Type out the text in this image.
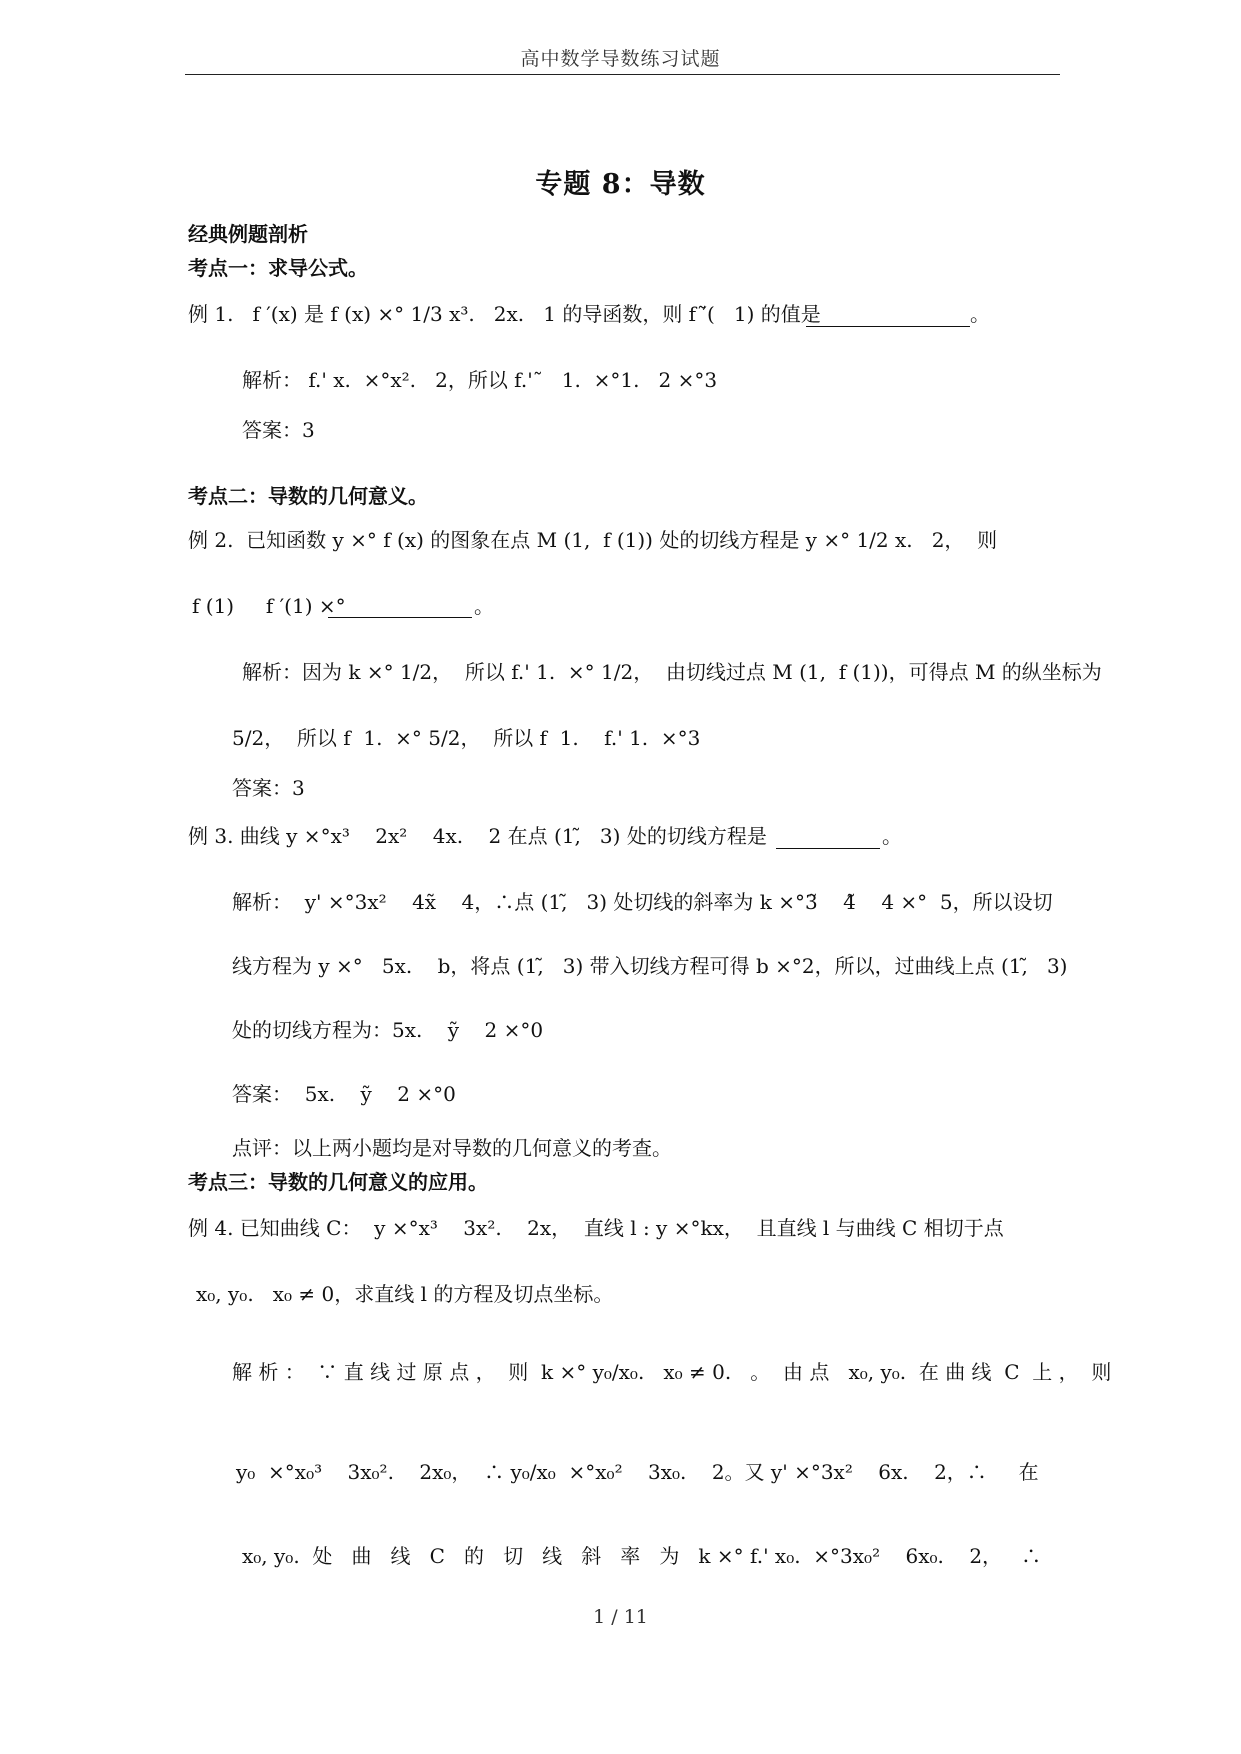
高中数学导数练习试题
专题 8：导数
经典例题剖析
考点一：求导公式。
例 1.   f ′(x) 是 f (x) ×° 1/3 x³.   2x.   1 的导函数，则 f ′̃(   1) 的值是	。
解析： f.' x.  ×°x².   2，所以 f.'˜   1.  ×°1.   2 ×°3
答案：3
考点二：导数的几何意义。
例 2.  已知函数 y ×° f (x) 的图象在点 M (1,  f (1)) 处的切线方程是 y ×° 1/2 x.   2，  则
f (1)     f ′(1) ×°	。
解析：因为 k ×° 1/2，  所以 f.' 1.  ×° 1/2，  由切线过点 M (1,  f (1))，可得点 M 的纵坐标为
5/2，  所以 f  1.  ×° 5/2，  所以 f  1.    f.' 1.  ×°3
答案：3
例 3. 曲线 y ×°x³    2x²    4x.    2 在点 (1,̃   3) 处的切线方程是	。
解析：  y' ×°3x²    4x̃    4，∴点 (1,̃   3) 处切线的斜率为 k ×°3̃    4̃    4 ×°  5，所以设切
线方程为 y ×°   5x.    b，将点 (1,̃   3) 带入切线方程可得 b ×°2，所以，过曲线上点 (1,̃   3)
处的切线方程为：5x.    ỹ    2 ×°0
答案：  5x.    ỹ    2 ×°0
点评：以上两小题均是对导数的几何意义的考查。
考点三：导数的几何意义的应用。
例 4. 已知曲线 C：  y ×°x³    3x².    2x，  直线 l : y ×°kx，  且直线 l 与曲线 C 相切于点
x₀, y₀.   x₀ ≠ 0，求直线 l 的方程及切点坐标。
解 析 ：  ∵ 直 线 过 原 点 ，  则  k ×° y₀/x₀.   x₀ ≠ 0.   。  由 点   x₀, y₀.  在 曲 线  C  上 ，  则
y₀  ×°x₀³    3x₀².    2x₀，  ∴ y₀/x₀  ×°x₀²    3x₀.    2。又 y' ×°3x²    6x.    2，∴     在
x₀, y₀.  处   曲   线   C   的   切   线   斜   率   为   k ×° f.' x₀.  ×°3x₀²    6x₀.    2，   ∴
1 / 11
